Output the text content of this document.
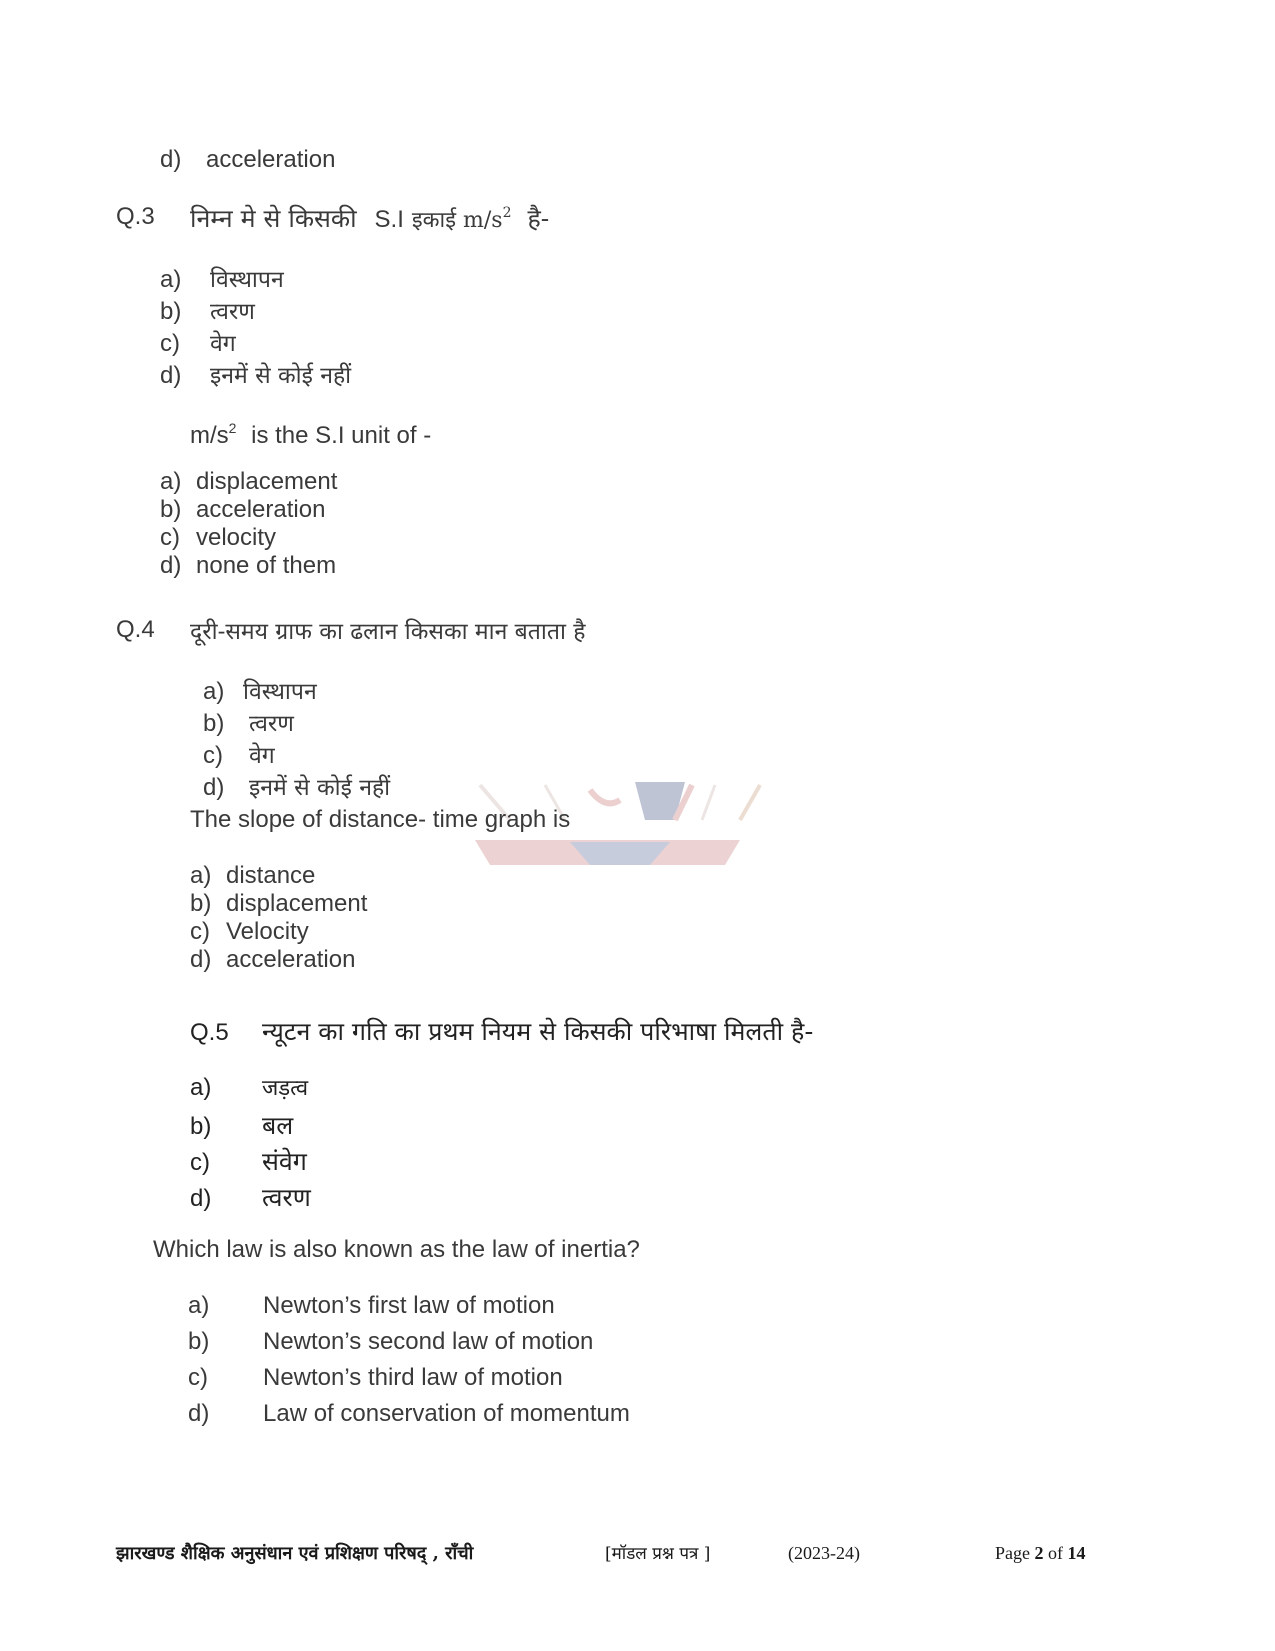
d)	acceleration
Q.3 निम्न मे से किसकी S.I इकाई $m/s^2$ है-
a)	विस्थापन
b)	त्वरण
c)	वेग
d)	इनमें से कोई नहीं
$m/s^2$ is the S.I unit of -
a) displacement
b) acceleration
c) velocity
d) none of them
Q.4 दूरी-समय ग्राफ का ढलान किसका मान बताता है
a) विस्थापन
b)	त्वरण
c)	वेग
d)	इनमें से कोई नहीं
The slope of distance- time graph is
a) distance
b) displacement
c) Velocity
d) acceleration
Q.5 न्यूटन का गति का प्रथम नियम से किसकी परिभाषा मिलती है-
a)	जड़त्व
b)	बल
c)	संवेग
d)	त्वरण
Which law is also known as the law of inertia?
a)	Newton’s first law of motion
b)	Newton’s second law of motion
c)	Newton’s third law of motion
d)	Law of conservation of momentum
झारखण्ड शैक्षिक अनुसंधान एवं प्रशिक्षण परिषद् , राँची	[मॉडल प्रश्न पत्र ]	(2023-24)	Page 2 of 14
